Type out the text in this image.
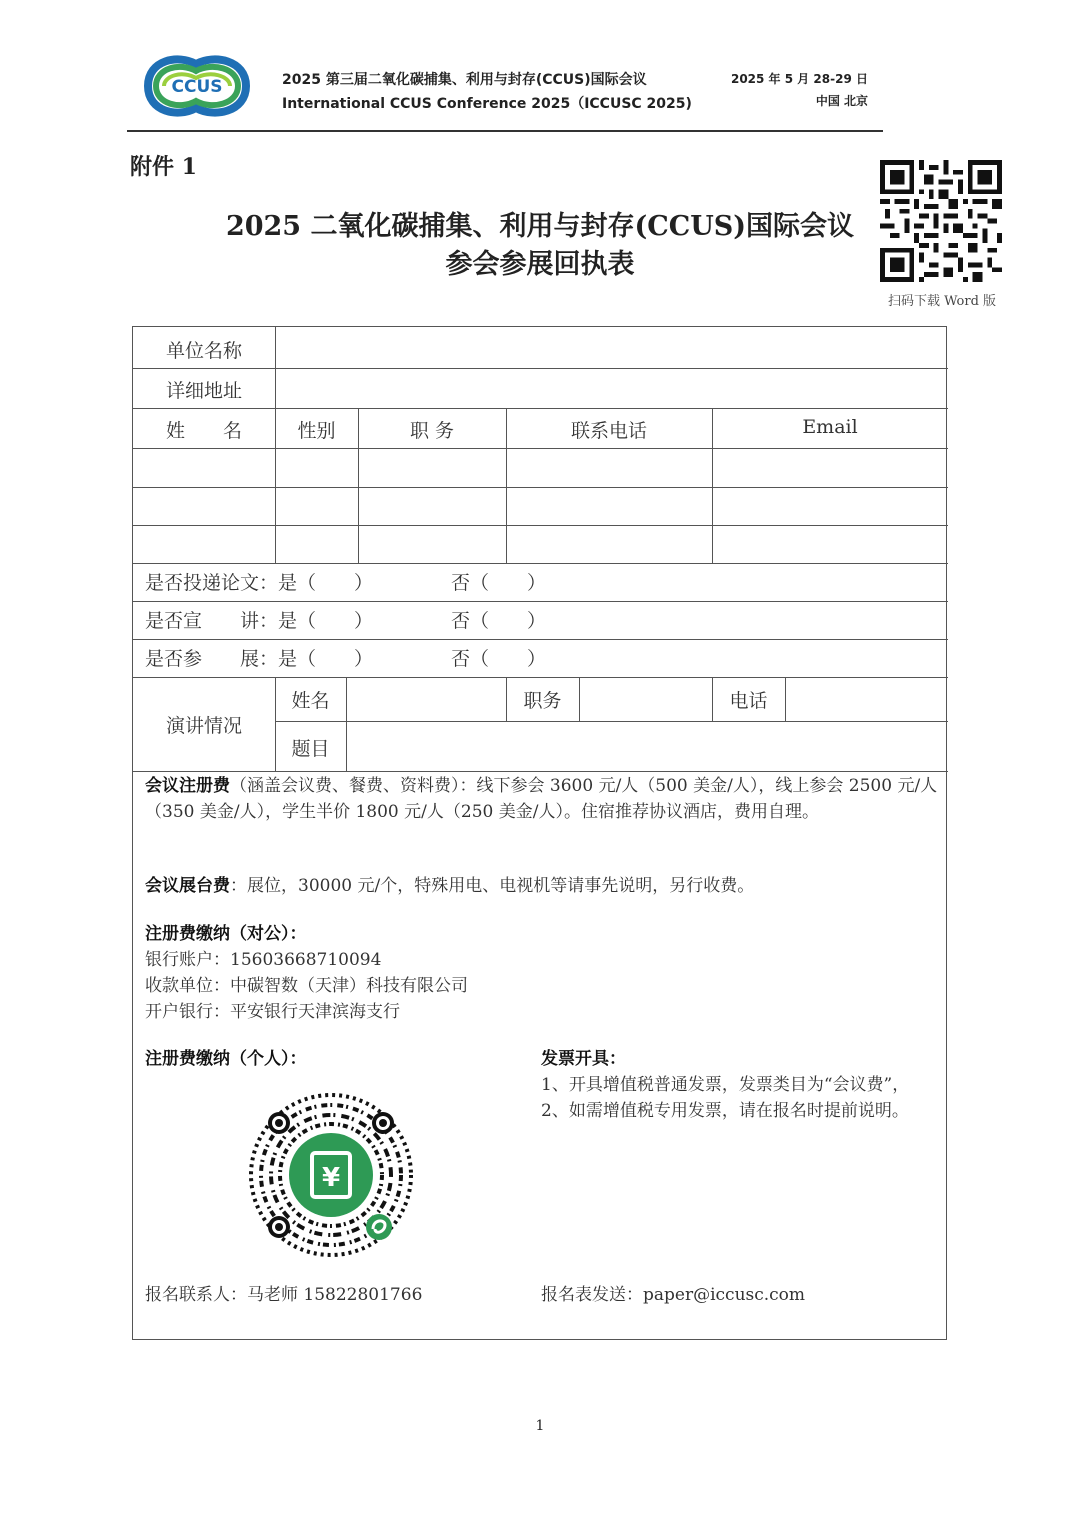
CCUS	2025 第三届二氧化碳捕集、利用与封存(CCUS)国际会议
International CCUS Conference 2025（ICCUSC 2025)
2025 年 5 月 28-29 日
中国 北京
附件 1
2025 二氧化碳捕集、利用与封存(CCUS)国际会议
参会参展回执表
扫码下载 Word 版
单位名称
详细地址
姓　　名	性别	职 务	联系电话	Email
是否投递论文：是（　　）	否（　　）
是否宣　　讲：是（　　）	否（　　）
是否参　　展：是（　　）	否（　　）
演讲情况
姓名	职务	电话
题目
会议注册费（涵盖会议费、餐费、资料费）：线下参会 3600 元/人（500 美金/人），线上参会 2500 元/人（350 美金/人），学生半价 1800 元/人（250 美金/人）。住宿推荐协议酒店，费用自理。
会议展台费：展位，30000 元/个，特殊用电、电视机等请事先说明，另行收费。
注册费缴纳（对公）：
银行账户：15603668710094
收款单位：中碳智数（天津）科技有限公司
开户银行：平安银行天津滨海支行
注册费缴纳（个人）：	发票开具：
1、开具增值税普通发票，发票类目为“会议费”，
2、如需增值税专用发票，请在报名时提前说明。
¥
报名联系人：马老师 15822801766	报名表发送：paper@iccusc.com
1
